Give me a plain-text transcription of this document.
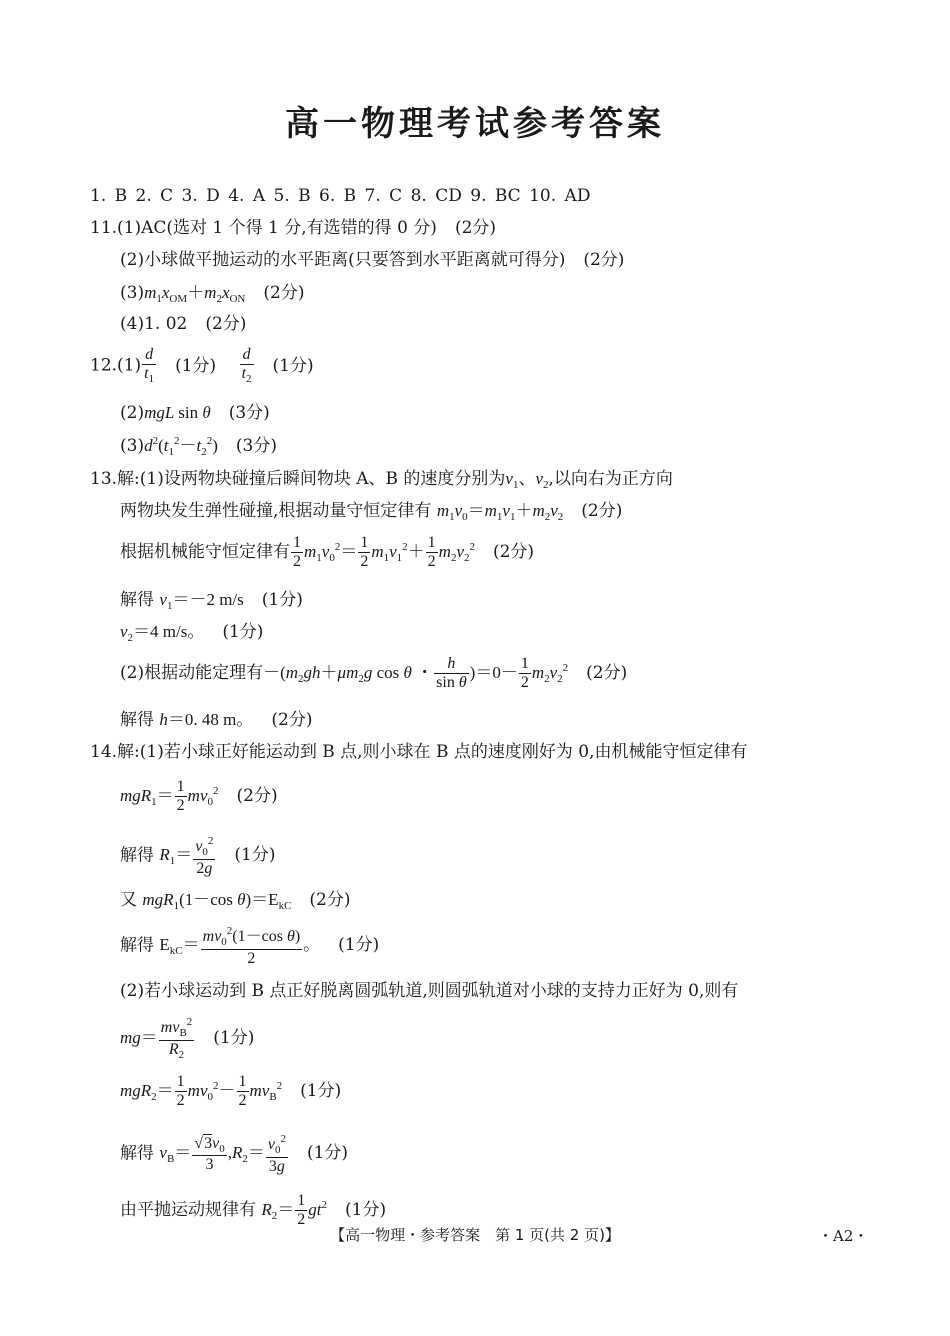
高一物理考试参考答案
1. B 2. C 3. D 4. A 5. B 6. B 7. C 8. CD 9. BC 10. AD
11.(1)AC(选对 1 个得 1 分,有选错的得 0 分) (2分)
(2)小球做平抛运动的水平距离(只要答到水平距离就可得分) (2分)
$(3)m_1x_{OM}+m_2x_{ON}$ (2分)
(4)1. 02 (2分)
$12.(1) \frac{d}{t_1} (1$分) $\frac{d}{t_2} (1$分)
(2)mgL sin θ (3分)
$(3)d^2(t_1^2-t_2^2)$ (3分)
13.解:(1)设两物块碰撞后瞬间物块 A、B 的速度分别为$v_1$、$v_2$,以向右为正方向
两物块发生弹性碰撞,根据动量守恒定律有 $m_1v_0=m_1v_1+m_2v_2$ (2分)
根据机械能守恒定律有 $\frac{1}{2} m_1v_0^2= \frac{1}{2} m_1v_1^2+ \frac{1}{2} m_2v_2^2$ (2分)
解得 $v_1=-2$ m/s (1分)
$v_2=4$ m/s。 (1分)
(2)根据动能定理有$-(m_2gh+\mu m_2g$ cos θ ・ $\frac{h}{\text{sin θ}} )=0- \frac{1}{2} m_2v_2^2$ (2分)
解得 h＝0. 48 m。 (2分)
14.解:(1)若小球正好能运动到 B 点,则小球在 B 点的速度刚好为 0,由机械能守恒定律有
$mgR_1= \frac{1}{2} mv_0^2$ (2分)
解得 $R_1= \frac{v_0^2}{2g} (1$分)
又 mgR$_1$(1－cos $\theta)=E_{kC}$ (2分)
解得 $E_{kC}= \frac{mv_0^2(1-\cos \theta)}{2}$ 。 (1分)
(2)若小球运动到 B 点正好脱离圆弧轨道,则圆弧轨道对小球的支持力正好为 0,则有
$mg= \frac{mv_B^2}{R_2} (1$分)
$mgR_2= \frac{1}{2} mv_0^2- \frac{1}{2} mv_B^2$ (1分)
解得 $v_B= \frac{√3v_0}{3} ,R_2= \frac{v_0^2}{3g} (1$分)
由平抛运动规律有 $R_2= \frac{1}{2} gt^2$ (1分)
【高一物理・参考答案　第 1 页(共 2 页)】	・A2・
